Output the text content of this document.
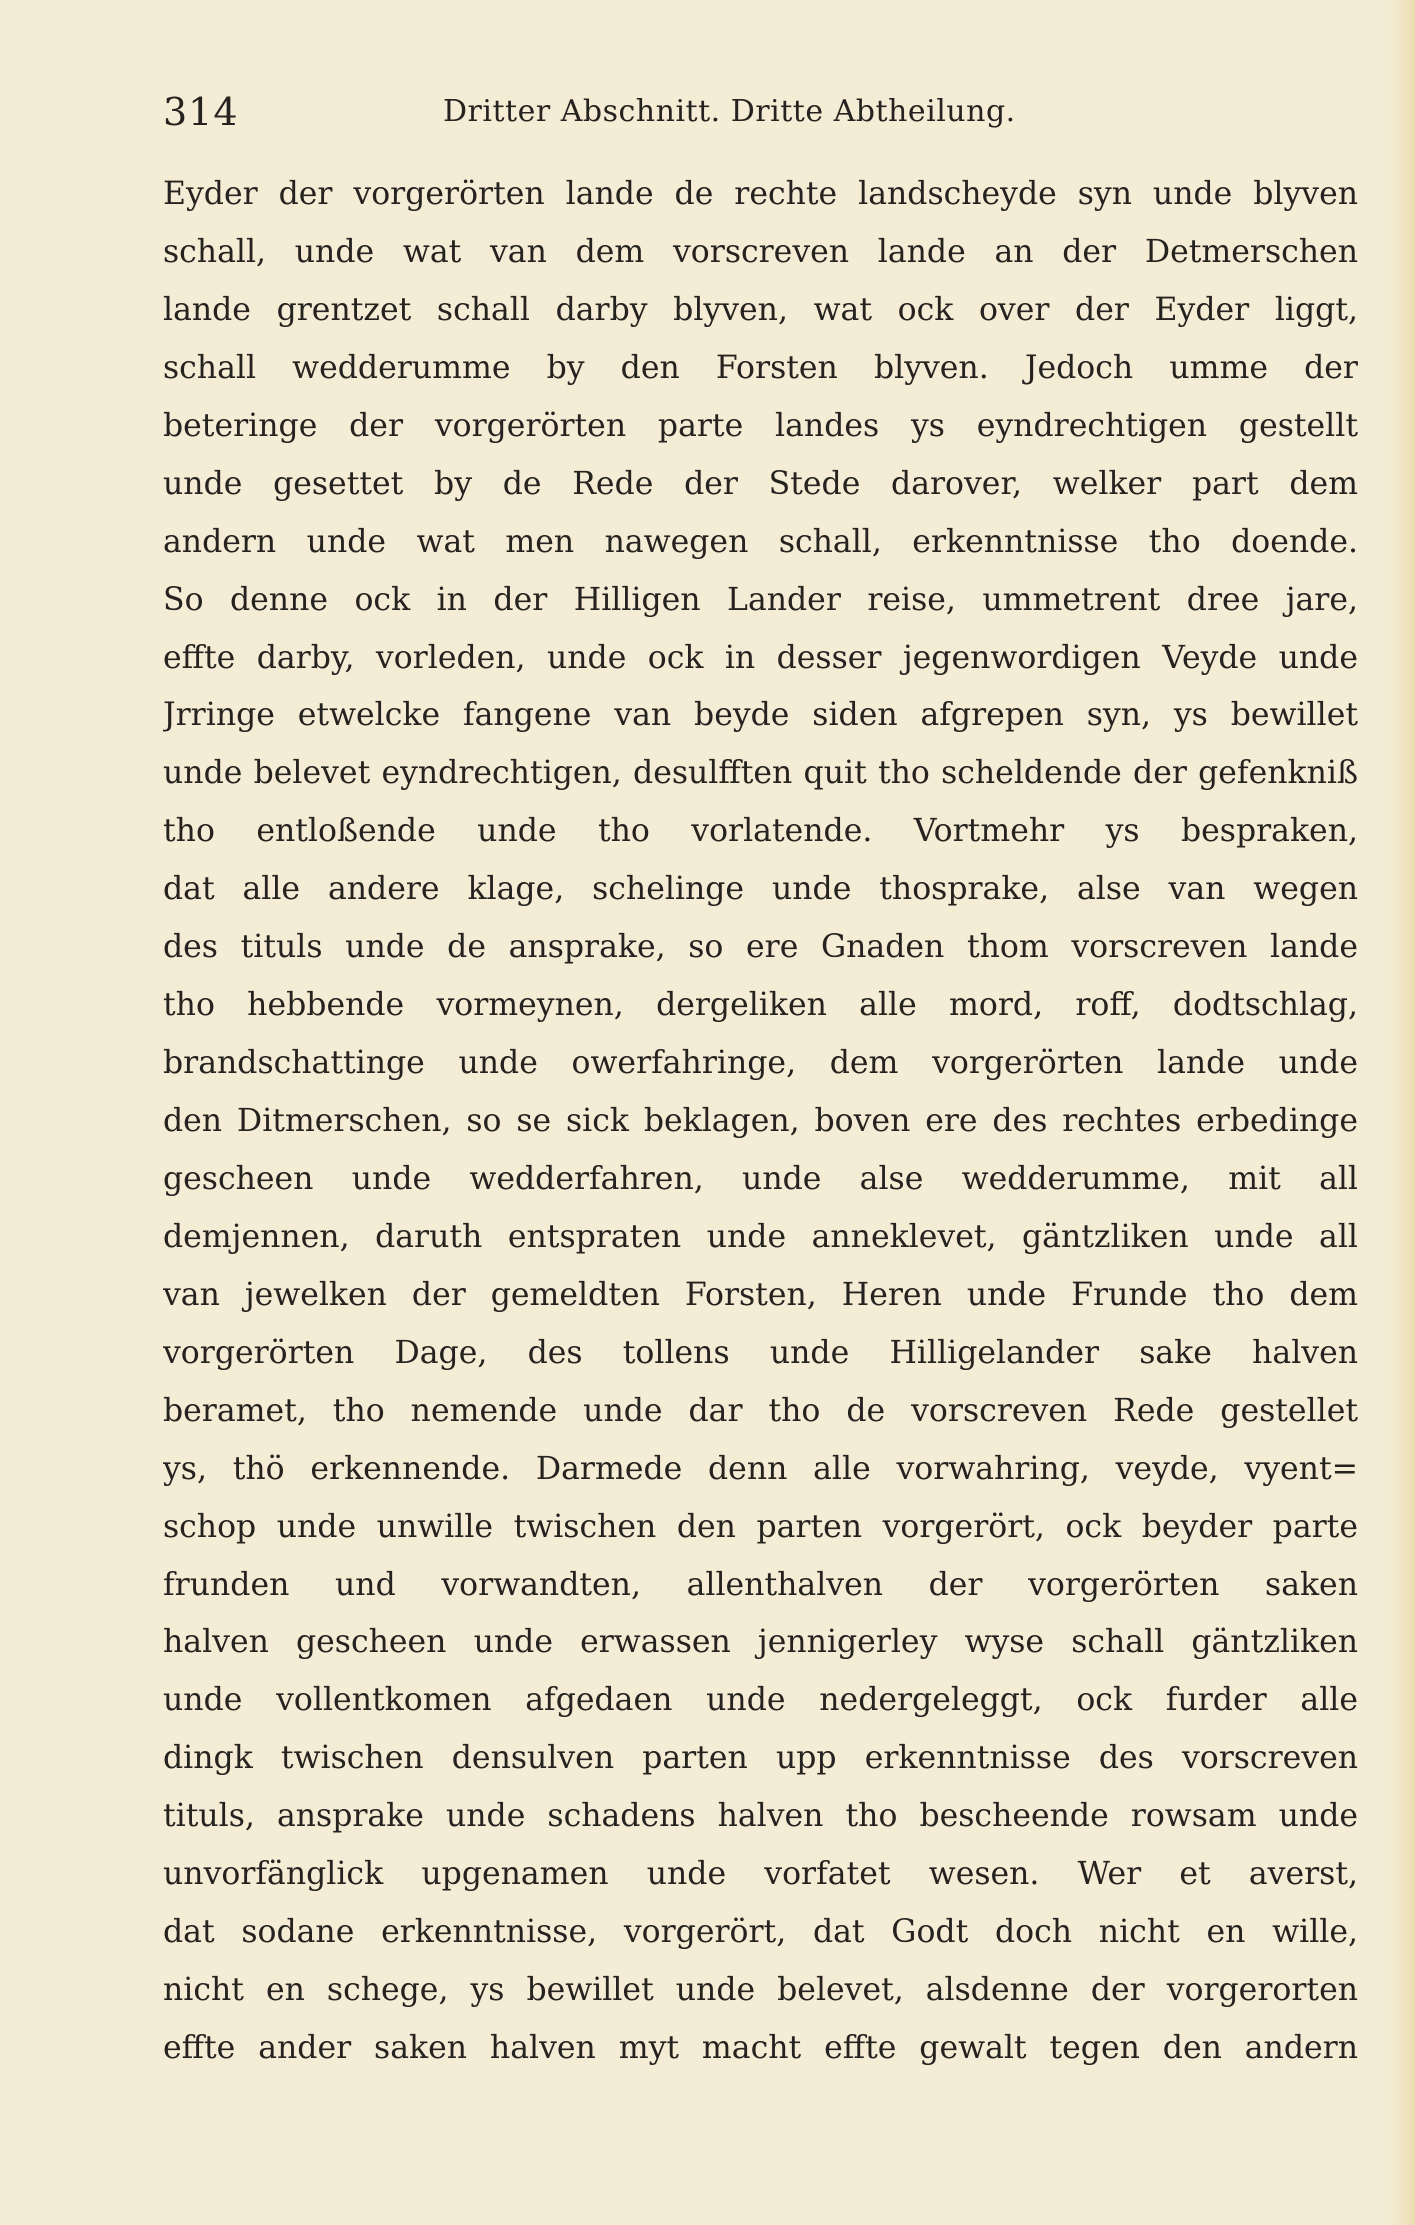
314	Dritter Abschnitt. Dritte Abtheilung.
Eyder der vorgerörten lande de rechte landscheyde syn unde blyven
schall, unde wat van dem vorscreven lande an der Detmerschen
lande grentzet schall darby blyven, wat ock over der Eyder liggt,
schall wedderumme by den Forsten blyven. Jedoch umme der
beteringe der vorgerörten parte landes ys eyndrechtigen gestellt
unde gesettet by de Rede der Stede darover, welker part dem
andern unde wat men nawegen schall, erkenntnisse tho doende.
So denne ock in der Hilligen Lander reise, ummetrent dree jare,
effte darby, vorleden, unde ock in desser jegenwordigen Veyde unde
Jrringe etwelcke fangene van beyde siden afgrepen syn, ys bewillet
unde belevet eyndrechtigen, desulfften quit tho scheldende der gefenkniß
tho entloßende unde tho vorlatende. Vortmehr ys bespraken,
dat alle andere klage, schelinge unde thosprake, alse van wegen
des tituls unde de ansprake, so ere Gnaden thom vorscreven lande
tho hebbende vormeynen, dergeliken alle mord, roff, dodtschlag,
brandschattinge unde owerfahringe, dem vorgerörten lande unde
den Ditmerschen, so se sick beklagen, boven ere des rechtes erbedinge
gescheen unde wedderfahren, unde alse wedderumme, mit all
demjennen, daruth entspraten unde anneklevet, gäntzliken unde all
van jewelken der gemeldten Forsten, Heren unde Frunde tho dem
vorgerörten Dage, des tollens unde Hilligelander sake halven
beramet, tho nemende unde dar tho de vorscreven Rede gestellet
ys, thö erkennende. Darmede denn alle vorwahring, veyde, vyent=
schop unde unwille twischen den parten vorgerört, ock beyder parte
frunden und vorwandten, allenthalven der vorgerörten saken
halven gescheen unde erwassen jennigerley wyse schall gäntzliken
unde vollentkomen afgedaen unde nedergeleggt, ock furder alle
dingk twischen densulven parten upp erkenntnisse des vorscreven
tituls, ansprake unde schadens halven tho bescheende rowsam unde
unvorfänglick upgenamen unde vorfatet wesen. Wer et averst,
dat sodane erkenntnisse, vorgerört, dat Godt doch nicht en wille,
nicht en schege, ys bewillet unde belevet, alsdenne der vorgerorten
effte ander saken halven myt macht effte gewalt tegen den andern
